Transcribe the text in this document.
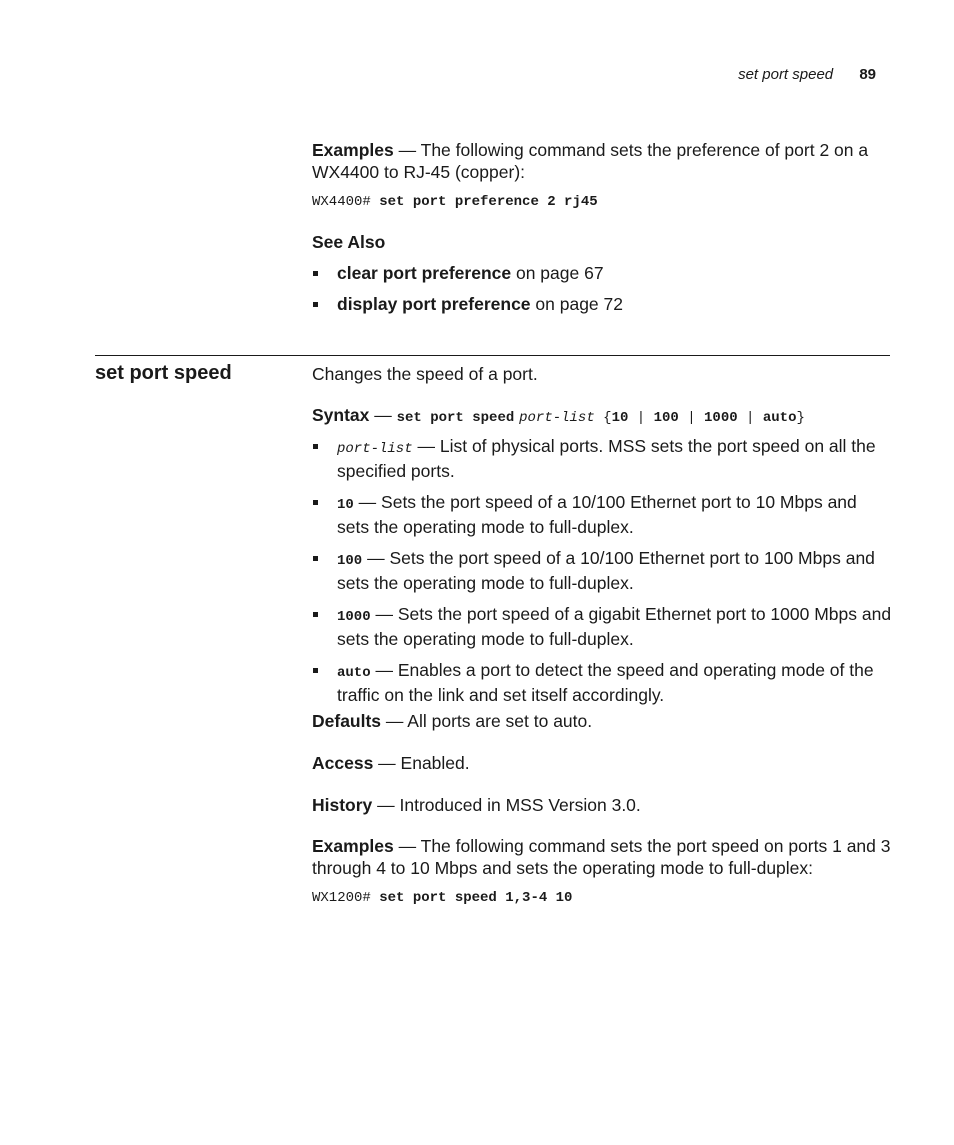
set port speed 89
Examples — The following command sets the preference of port 2 on a WX4400 to RJ-45 (copper):
WX4400# set port preference 2 rj45
See Also
clear port preference on page 67
display port preference on page 72
set port speed	Changes the speed of a port.
Syntax — set port speed port-list {10 | 100 | 1000 | auto}
port-list — List of physical ports. MSS sets the port speed on all the specified ports.
10 — Sets the port speed of a 10/100 Ethernet port to 10 Mbps and sets the operating mode to full-duplex.
100 — Sets the port speed of a 10/100 Ethernet port to 100 Mbps and sets the operating mode to full-duplex.
1000 — Sets the port speed of a gigabit Ethernet port to 1000 Mbps and sets the operating mode to full-duplex.
auto — Enables a port to detect the speed and operating mode of the traffic on the link and set itself accordingly.
Defaults — All ports are set to auto.
Access — Enabled.
History — Introduced in MSS Version 3.0.
Examples — The following command sets the port speed on ports 1 and 3 through 4 to 10 Mbps and sets the operating mode to full-duplex:
WX1200# set port speed 1,3-4 10
